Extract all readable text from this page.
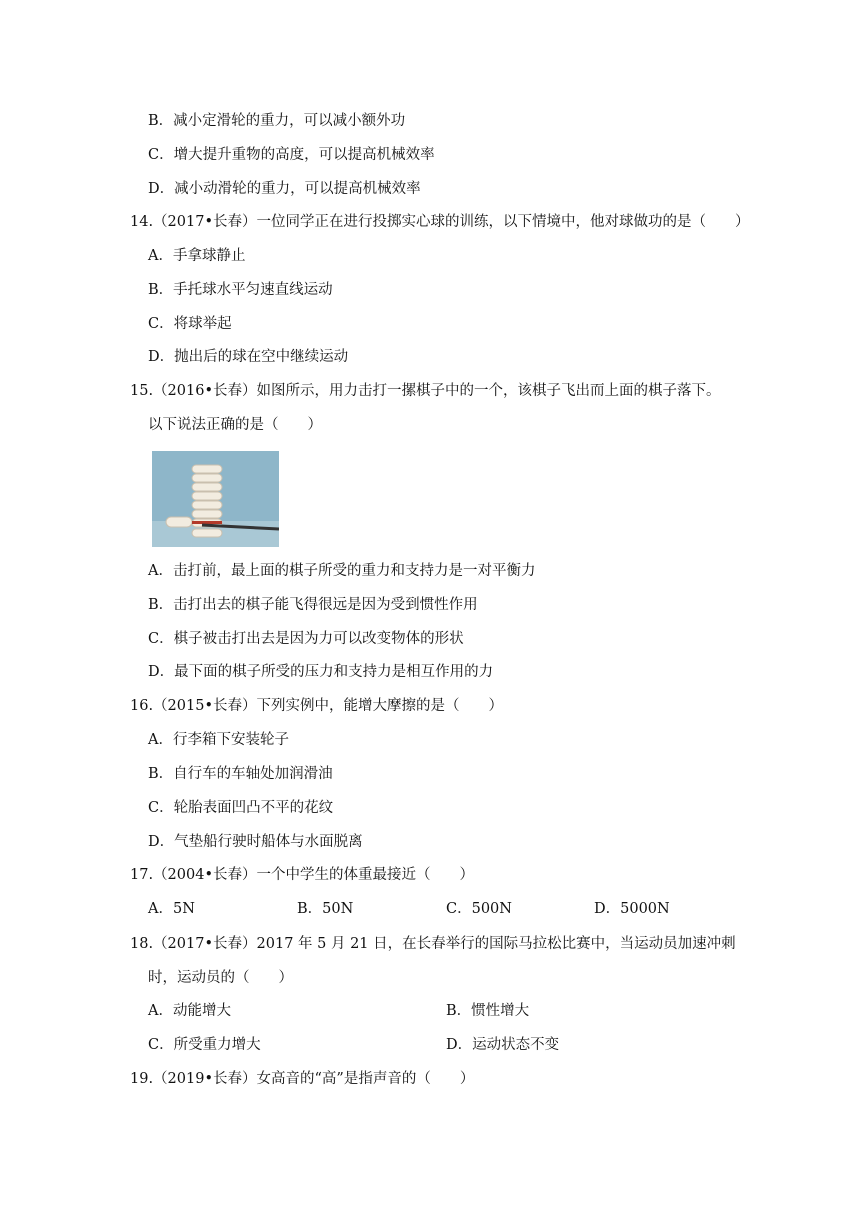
B．减小定滑轮的重力，可以减小额外功
C．增大提升重物的高度，可以提高机械效率
D．减小动滑轮的重力，可以提高机械效率
14.（2017•长春）一位同学正在进行投掷实心球的训练，以下情境中，他对球做功的是（　　）
A．手拿球静止
B．手托球水平匀速直线运动
C．将球举起
D．抛出后的球在空中继续运动
15.（2016•长春）如图所示，用力击打一摞棋子中的一个，该棋子飞出而上面的棋子落下。
以下说法正确的是（　　）
A．击打前，最上面的棋子所受的重力和支持力是一对平衡力
B．击打出去的棋子能飞得很远是因为受到惯性作用
C．棋子被击打出去是因为力可以改变物体的形状
D．最下面的棋子所受的压力和支持力是相互作用的力
16.（2015•长春）下列实例中，能增大摩擦的是（　　）
A．行李箱下安装轮子
B．自行车的车轴处加润滑油
C．轮胎表面凹凸不平的花纹
D．气垫船行驶时船体与水面脱离
17.（2004•长春）一个中学生的体重最接近（　　）
A．5N	B．50N	C．500N	D．5000N
18.（2017•长春）2017 年 5 月 21 日，在长春举行的国际马拉松比赛中，当运动员加速冲刺
时，运动员的（　　）
A．动能增大	B．惯性增大
C．所受重力增大	D．运动状态不变
19.（2019•长春）女高音的“高”是指声音的（　　）
